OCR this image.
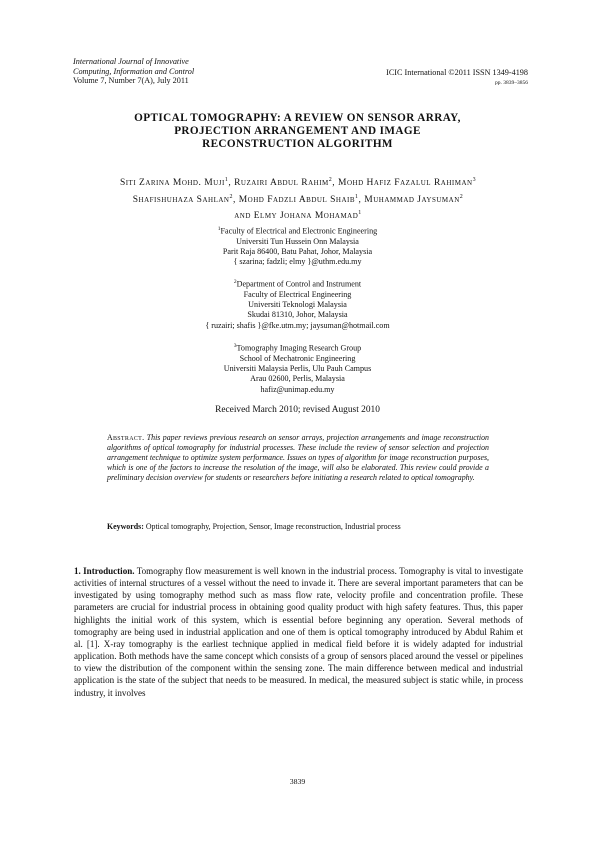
International Journal of Innovative
Computing, Information and Control
Volume 7, Number 7(A), July 2011
ICIC International ©2011 ISSN 1349-4198
pp. 3839–3856
OPTICAL TOMOGRAPHY: A REVIEW ON SENSOR ARRAY,
PROJECTION ARRANGEMENT AND IMAGE
RECONSTRUCTION ALGORITHM
Siti Zarina Mohd. Muji$^1$, Ruzairi Abdul Rahim$^2$, Mohd Hafiz Fazalul Rahiman$^3$
Shafishuhaza Sahlan$^2$, Mohd Fadzli Abdul Shaib$^1$, Muhammad Jaysuman$^2$
and Elmy Johana Mohamad$^1$
$^1$Faculty of Electrical and Electronic Engineering
Universiti Tun Hussein Onn Malaysia
Parit Raja 86400, Batu Pahat, Johor, Malaysia
{ szarina; fadzli; elmy }@uthm.edu.my
$^2$Department of Control and Instrument
Faculty of Electrical Engineering
Universiti Teknologi Malaysia
Skudai 81310, Johor, Malaysia
{ ruzairi; shafis }@fke.utm.my; jaysuman@hotmail.com
$^3$Tomography Imaging Research Group
School of Mechatronic Engineering
Universiti Malaysia Perlis, Ulu Pauh Campus
Arau 02600, Perlis, Malaysia
hafiz@unimap.edu.my
Received March 2010; revised August 2010
Abstract. This paper reviews previous research on sensor arrays, projection arrangements and image reconstruction algorithms of optical tomography for industrial processes. These include the review of sensor selection and projection arrangement technique to optimize system performance. Issues on types of algorithm for image reconstruction purposes, which is one of the factors to increase the resolution of the image, will also be elaborated. This review could provide a preliminary decision overview for students or researchers before initiating a research related to optical tomography.
Keywords: Optical tomography, Projection, Sensor, Image reconstruction, Industrial process
1. Introduction. Tomography flow measurement is well known in the industrial process. Tomography is vital to investigate activities of internal structures of a vessel without the need to invade it. There are several important parameters that can be investigated by using tomography method such as mass flow rate, velocity profile and concentration profile. These parameters are crucial for industrial process in obtaining good quality product with high safety features. Thus, this paper highlights the initial work of this system, which is essential before beginning any operation. Several methods of tomography are being used in industrial application and one of them is optical tomography introduced by Abdul Rahim et al. [1]. X-ray tomography is the earliest technique applied in medical field before it is widely adapted for industrial application. Both methods have the same concept which consists of a group of sensors placed around the vessel or pipelines to view the distribution of the component within the sensing zone. The main difference between medical and industrial application is the state of the subject that needs to be measured. In medical, the measured subject is static while, in process industry, it involves
3839
